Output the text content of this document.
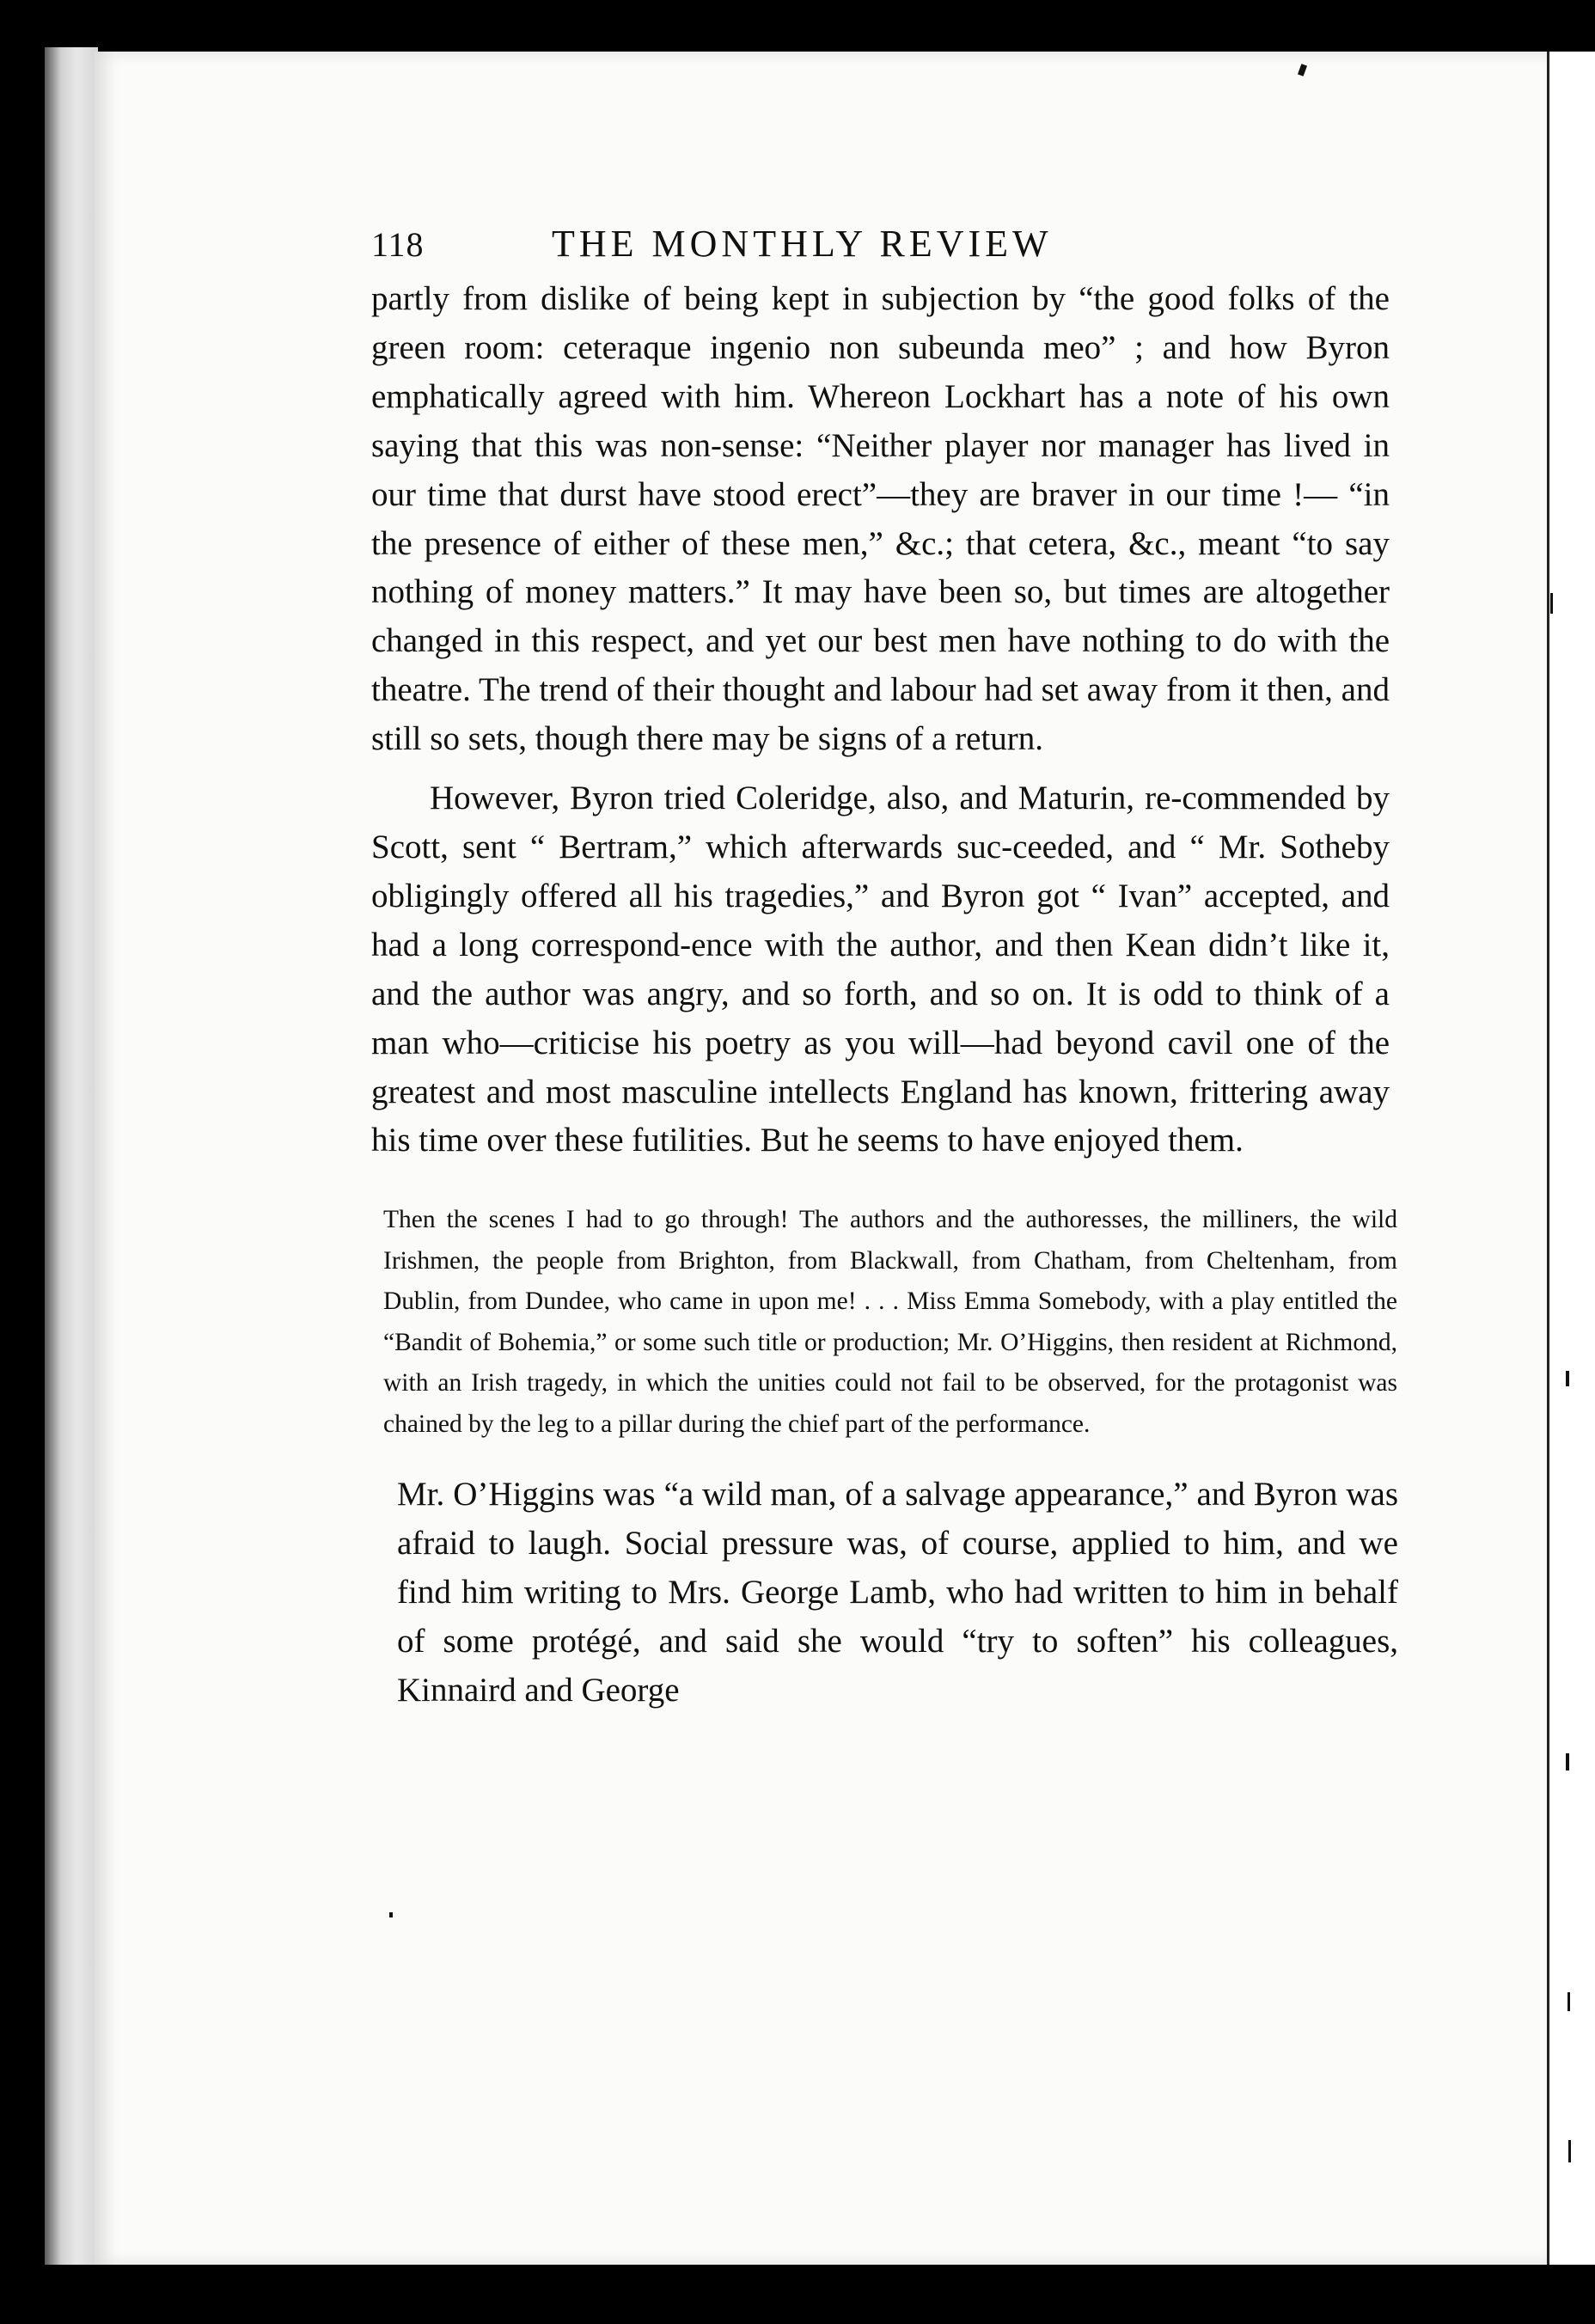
118	THE MONTHLY REVIEW

partly from dislike of being kept in subjection by “the good folks of the green room: ceteraque ingenio non subeunda meo” ; and how Byron emphatically agreed with him. Whereon Lockhart has a note of his own saying that this was non-sense: “Neither player nor manager has lived in our time that durst have stood erect”—they are braver in our time !— “in the presence of either of these men,” &c.; that cetera, &c., meant “to say nothing of money matters.” It may have been so, but times are altogether changed in this respect, and yet our best men have nothing to do with the theatre. The trend of their thought and labour had set away from it then, and still so sets, though there may be signs of a return.

However, Byron tried Coleridge, also, and Maturin, re-commended by Scott, sent “ Bertram,” which afterwards suc-ceeded, and “ Mr. Sotheby obligingly offered all his tragedies,” and Byron got “ Ivan” accepted, and had a long correspond-ence with the author, and then Kean didn’t like it, and the author was angry, and so forth, and so on. It is odd to think of a man who—criticise his poetry as you will—had beyond cavil one of the greatest and most masculine intellects England has known, frittering away his time over these futilities. But he seems to have enjoyed them.

Then the scenes I had to go through! The authors and the authoresses, the milliners, the wild Irishmen, the people from Brighton, from Blackwall, from Chatham, from Cheltenham, from Dublin, from Dundee, who came in upon me! . . . Miss Emma Somebody, with a play entitled the “Bandit of Bohemia,” or some such title or production; Mr. O’Higgins, then resident at Richmond, with an Irish tragedy, in which the unities could not fail to be observed, for the protagonist was chained by the leg to a pillar during the chief part of the performance.

Mr. O’Higgins was “a wild man, of a salvage appearance,” and Byron was afraid to laugh. Social pressure was, of course, applied to him, and we find him writing to Mrs. George Lamb, who had written to him in behalf of some protégé, and said she would “try to soften” his colleagues, Kinnaird and George
